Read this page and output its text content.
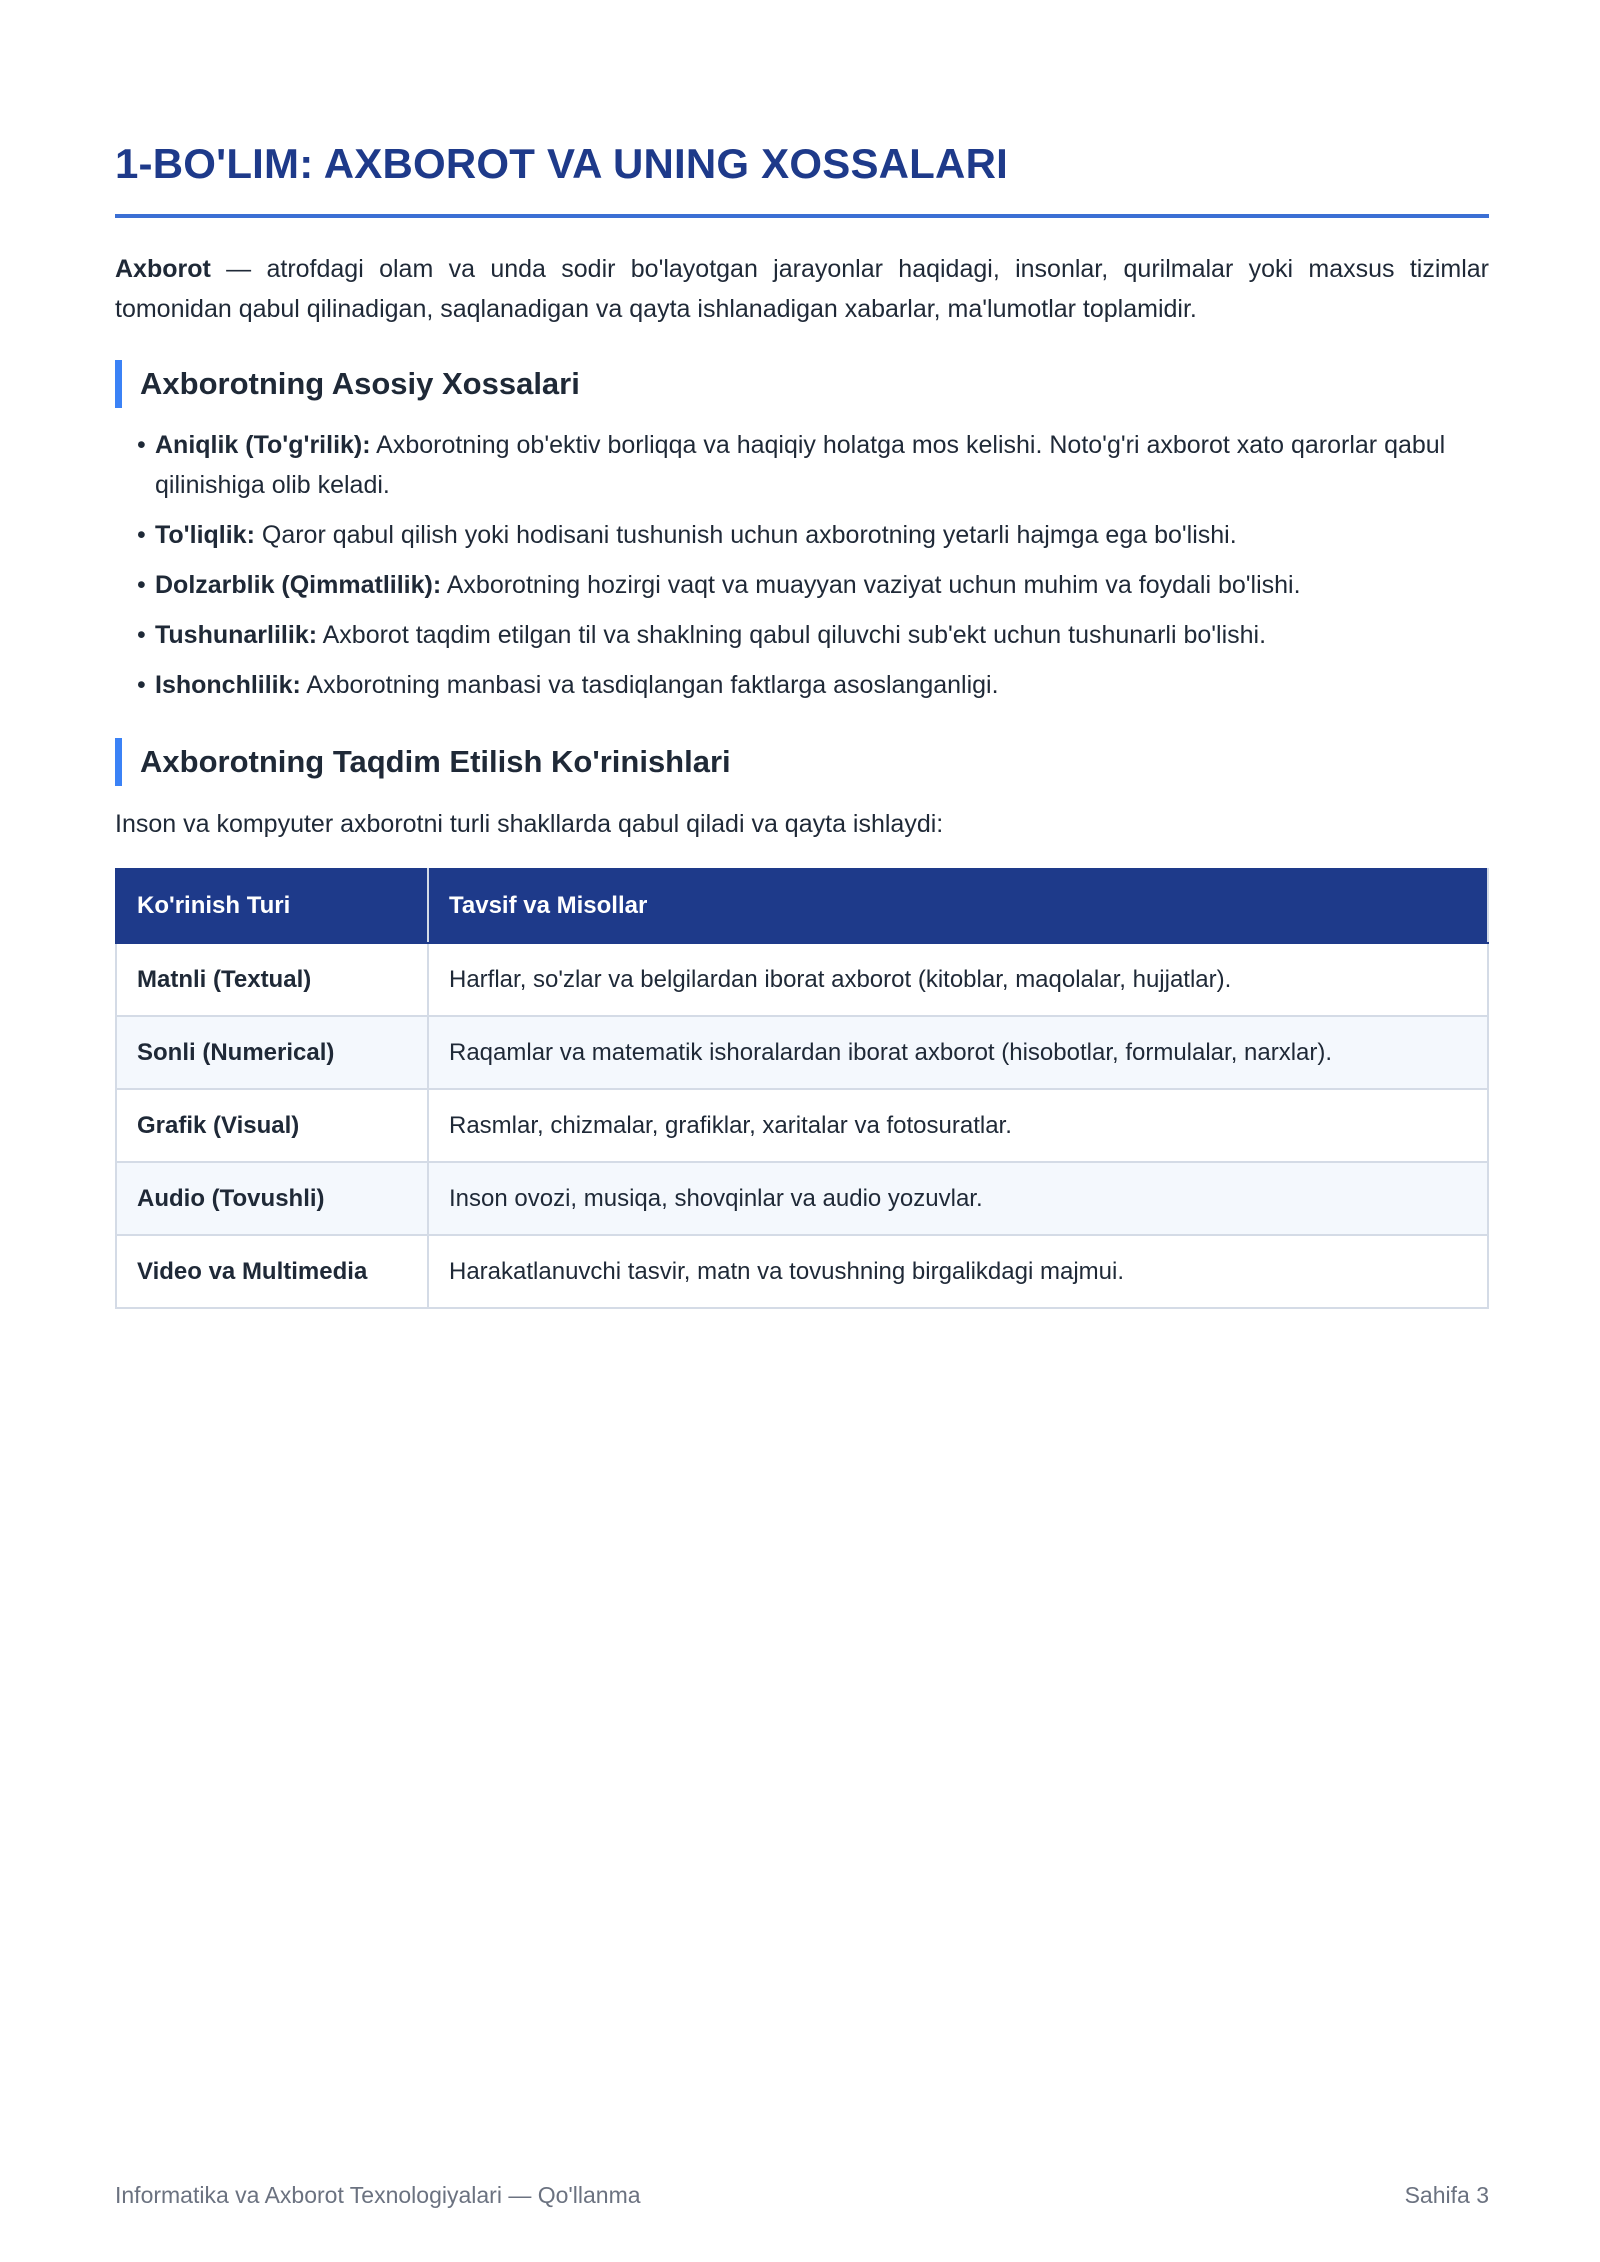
1-BO'LIM: AXBOROT VA UNING XOSSALARI

Axborot — atrofdagi olam va unda sodir bo'layotgan jarayonlar haqidagi, insonlar, qurilmalar yoki maxsus tizimlar tomonidan qabul qilinadigan, saqlanadigan va qayta ishlanadigan xabarlar, ma'lumotlar toplamidir.

Axborotning Asosiy Xossalari
• Aniqlik (To'g'rilik): Axborotning ob'ektiv borliqqa va haqiqiy holatga mos kelishi. Noto'g'ri axborot xato qarorlar qabul qilinishiga olib keladi.
• To'liqlik: Qaror qabul qilish yoki hodisani tushunish uchun axborotning yetarli hajmga ega bo'lishi.
• Dolzarblik (Qimmatlilik): Axborotning hozirgi vaqt va muayyan vaziyat uchun muhim va foydali bo'lishi.
• Tushunarlilik: Axborot taqdim etilgan til va shaklning qabul qiluvchi sub'ekt uchun tushunarli bo'lishi.
• Ishonchlilik: Axborotning manbasi va tasdiqlangan faktlarga asoslanganligi.
Axborotning Taqdim Etilish Ko'rinishlari

Inson va kompyuter axborotni turli shakllarda qabul qiladi va qayta ishlaydi:

Ko'rinish Turi	Tavsif va Misollar
Matnli (Textual)	Harflar, so'zlar va belgilardan iborat axborot (kitoblar, maqolalar, hujjatlar).
Sonli (Numerical)	Raqamlar va matematik ishoralardan iborat axborot (hisobotlar, formulalar, narxlar).
Grafik (Visual)	Rasmlar, chizmalar, grafiklar, xaritalar va fotosuratlar.
Audio (Tovushli)	Inson ovozi, musiqa, shovqinlar va audio yozuvlar.
Video va Multimedia	Harakatlanuvchi tasvir, matn va tovushning birgalikdagi majmui.
Informatika va Axborot Texnologiyalari — Qo'llanma	Sahifa 3
